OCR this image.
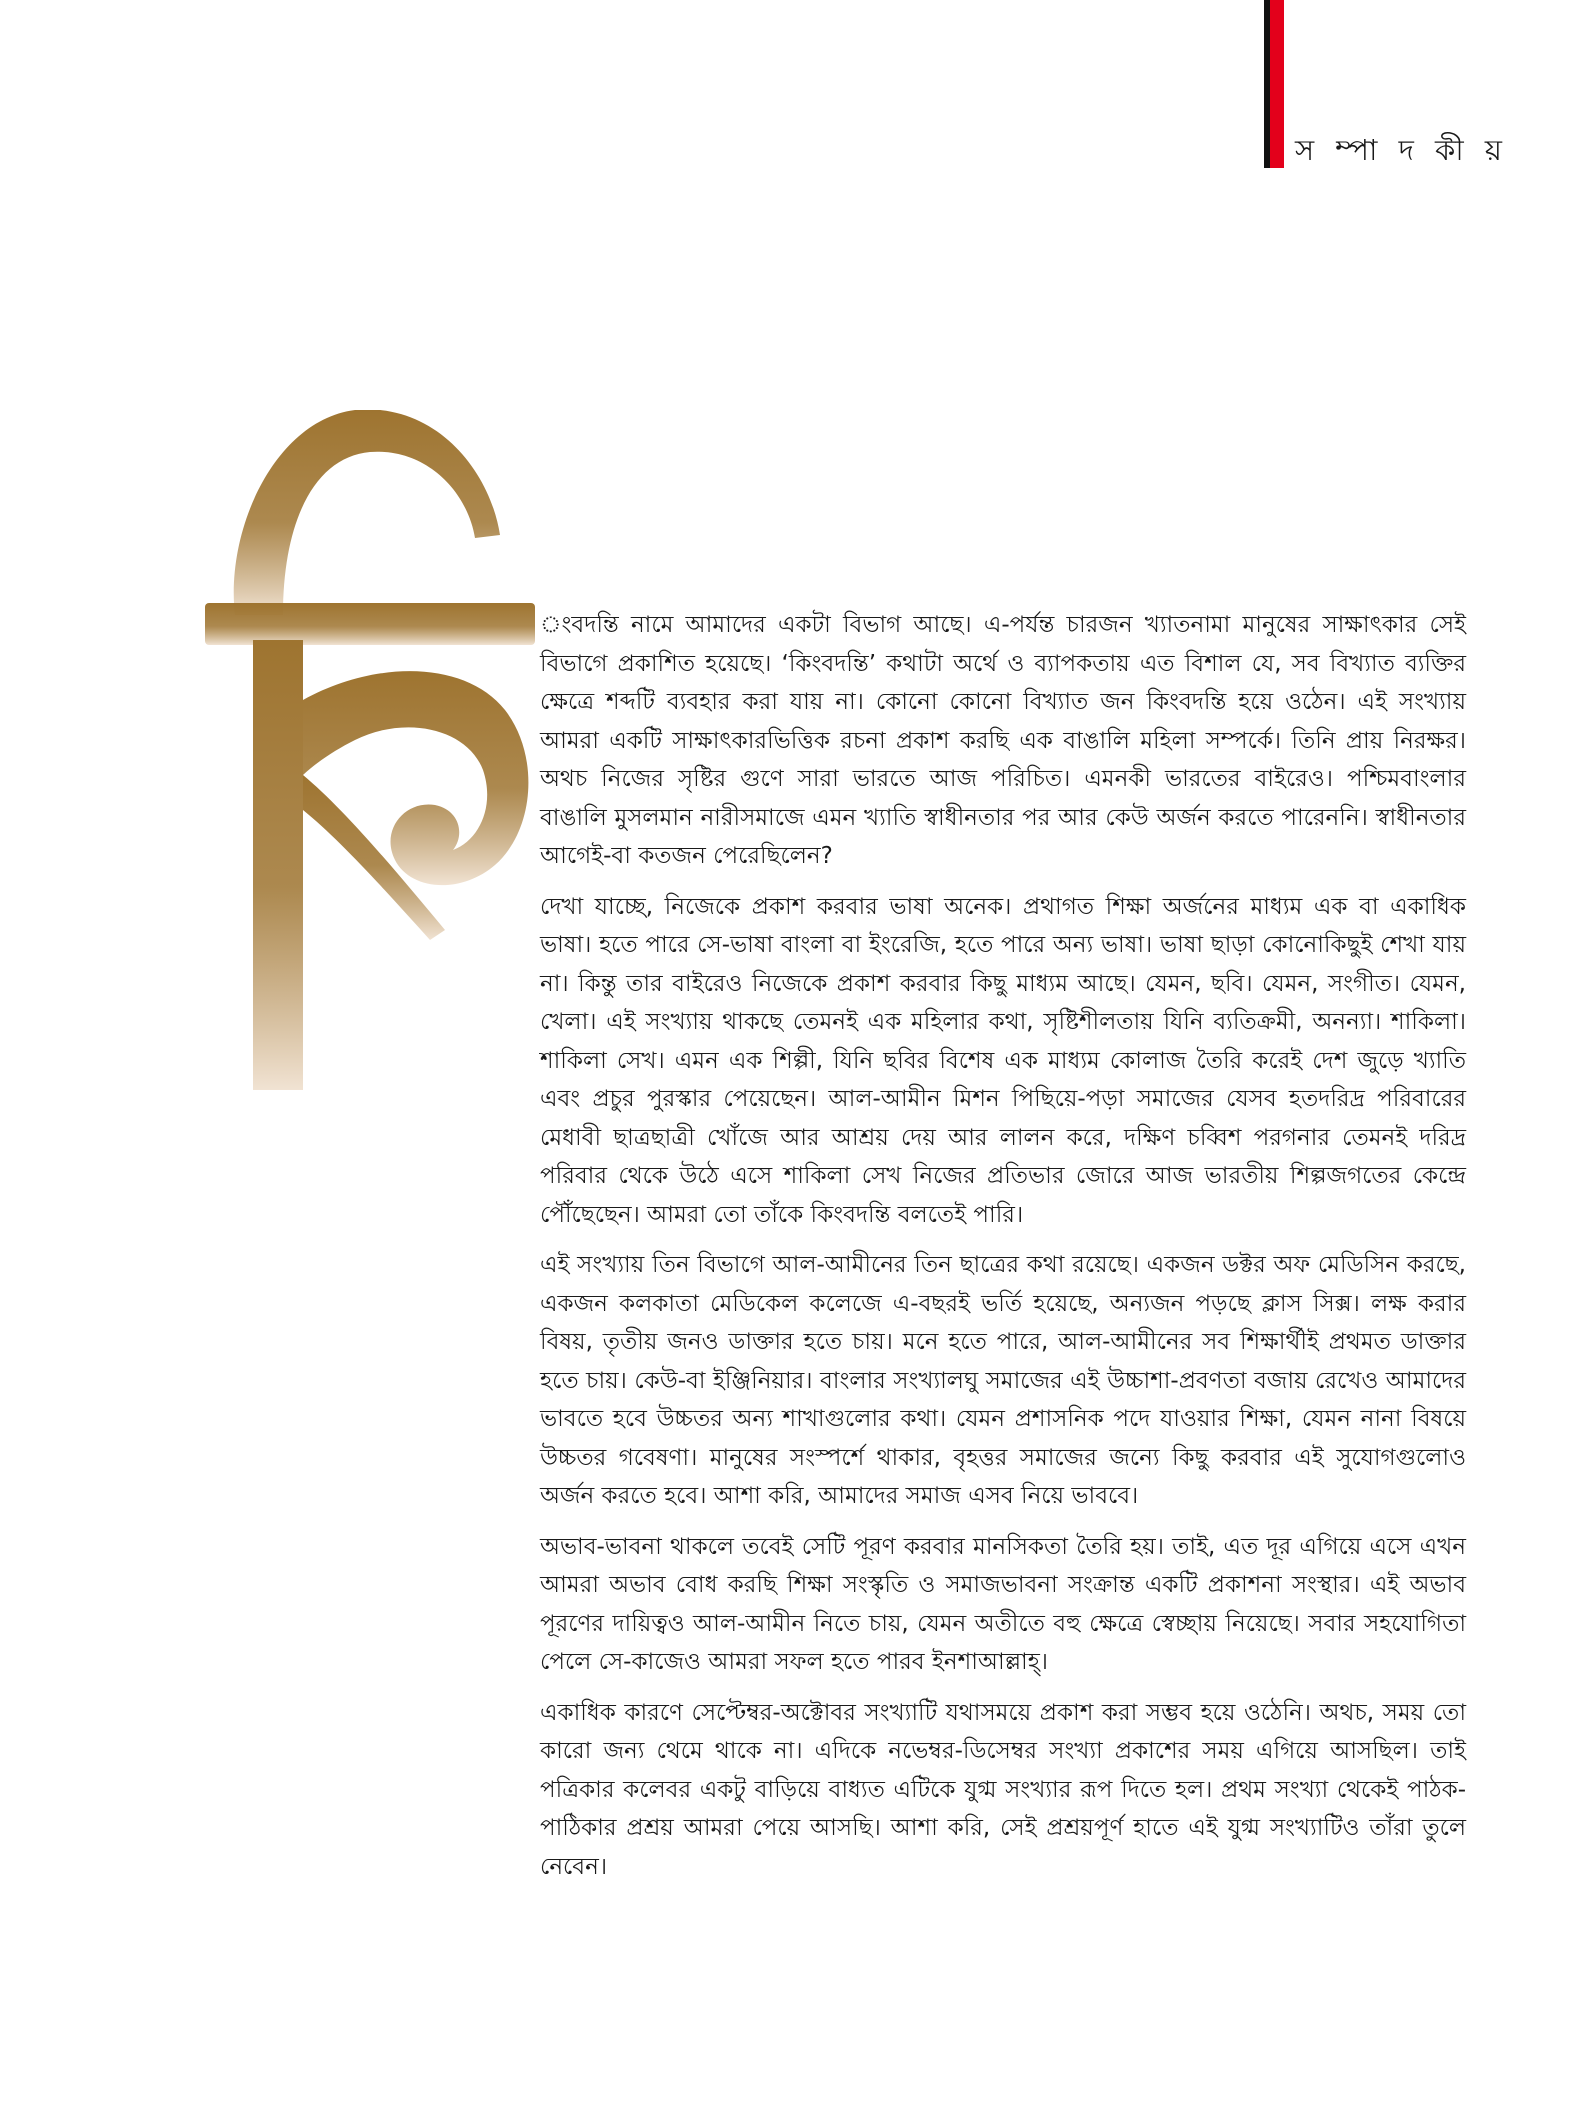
স ম্পা দ কী য়

ংবদন্তি নামে আমাদের একটা বিভাগ আছে। এ-পর্যন্ত চারজন খ্যাতনামা মানুষের সাক্ষাৎকার সেই বিভাগে প্রকাশিত হয়েছে। ‘কিংবদন্তি’ কথাটা অর্থে ও ব্যাপকতায় এত বিশাল যে, সব বিখ্যাত ব্যক্তির ক্ষেত্রে শব্দটি ব্যবহার করা যায় না। কোনো কোনো বিখ্যাত জন কিংবদন্তি হয়ে ওঠেন। এই সংখ্যায় আমরা একটি সাক্ষাৎকারভিত্তিক রচনা প্রকাশ করছি এক বাঙালি মহিলা সম্পর্কে। তিনি প্রায় নিরক্ষর। অথচ নিজের সৃষ্টির গুণে সারা ভারতে আজ পরিচিত। এমনকী ভারতের বাইরেও। পশ্চিমবাংলার বাঙালি মুসলমান নারীসমাজে এমন খ্যাতি স্বাধীনতার পর আর কেউ অর্জন করতে পারেননি। স্বাধীনতার আগেই-বা কতজন পেরেছিলেন?

দেখা যাচ্ছে, নিজেকে প্রকাশ করবার ভাষা অনেক। প্রথাগত শিক্ষা অর্জনের মাধ্যম এক বা একাধিক ভাষা। হতে পারে সে-ভাষা বাংলা বা ইংরেজি, হতে পারে অন্য ভাষা। ভাষা ছাড়া কোনোকিছুই শেখা যায় না। কিন্তু তার বাইরেও নিজেকে প্রকাশ করবার কিছু মাধ্যম আছে। যেমন, ছবি। যেমন, সংগীত। যেমন, খেলা। এই সংখ্যায় থাকছে তেমনই এক মহিলার কথা, সৃষ্টিশীলতায় যিনি ব্যতিক্রমী, অনন্যা। শাকিলা। শাকিলা সেখ। এমন এক শিল্পী, যিনি ছবির বিশেষ এক মাধ্যম কোলাজ তৈরি করেই দেশ জুড়ে খ্যাতি এবং প্রচুর পুরস্কার পেয়েছেন। আল-আমীন মিশন পিছিয়ে-পড়া সমাজের যেসব হতদরিদ্র পরিবারের মেধাবী ছাত্রছাত্রী খোঁজে আর আশ্রয় দেয় আর লালন করে, দক্ষিণ চব্বিশ পরগনার তেমনই দরিদ্র পরিবার থেকে উঠে এসে শাকিলা সেখ নিজের প্রতিভার জোরে আজ ভারতীয় শিল্পজগতের কেন্দ্রে পৌঁছেছেন। আমরা তো তাঁকে কিংবদন্তি বলতেই পারি।

এই সংখ্যায় তিন বিভাগে আল-আমীনের তিন ছাত্রের কথা রয়েছে। একজন ডক্টর অফ মেডিসিন করছে, একজন কলকাতা মেডিকেল কলেজে এ-বছরই ভর্তি হয়েছে, অন্যজন পড়ছে ক্লাস সিক্স। লক্ষ করার বিষয়, তৃতীয় জনও ডাক্তার হতে চায়। মনে হতে পারে, আল-আমীনের সব শিক্ষার্থীই প্রথমত ডাক্তার হতে চায়। কেউ-বা ইঞ্জিনিয়ার। বাংলার সংখ্যালঘু সমাজের এই উচ্চাশা-প্রবণতা বজায় রেখেও আমাদের ভাবতে হবে উচ্চতর অন্য শাখাগুলোর কথা। যেমন প্রশাসনিক পদে যাওয়ার শিক্ষা, যেমন নানা বিষয়ে উচ্চতর গবেষণা। মানুষের সংস্পর্শে থাকার, বৃহত্তর সমাজের জন্যে কিছু করবার এই সুযোগগুলোও অর্জন করতে হবে। আশা করি, আমাদের সমাজ এসব নিয়ে ভাববে।

অভাব-ভাবনা থাকলে তবেই সেটি পূরণ করবার মানসিকতা তৈরি হয়। তাই, এত দূর এগিয়ে এসে এখন আমরা অভাব বোধ করছি শিক্ষা সংস্কৃতি ও সমাজভাবনা সংক্রান্ত একটি প্রকাশনা সংস্থার। এই অভাব পূরণের দায়িত্বও আল-আমীন নিতে চায়, যেমন অতীতে বহু ক্ষেত্রে স্বেচ্ছায় নিয়েছে। সবার সহযোগিতা পেলে সে-কাজেও আমরা সফল হতে পারব ইনশাআল্লাহ্।

একাধিক কারণে সেপ্টেম্বর-অক্টোবর সংখ্যাটি যথাসময়ে প্রকাশ করা সম্ভব হয়ে ওঠেনি। অথচ, সময় তো কারো জন্য থেমে থাকে না। এদিকে নভেম্বর-ডিসেম্বর সংখ্যা প্রকাশের সময় এগিয়ে আসছিল। তাই পত্রিকার কলেবর একটু বাড়িয়ে বাধ্যত এটিকে যুগ্ম সংখ্যার রূপ দিতে হল। প্রথম সংখ্যা থেকেই পাঠক-পাঠিকার প্রশ্রয় আমরা পেয়ে আসছি। আশা করি, সেই প্রশ্রয়পূর্ণ হাতে এই যুগ্ম সংখ্যাটিও তাঁরা তুলে নেবেন।
